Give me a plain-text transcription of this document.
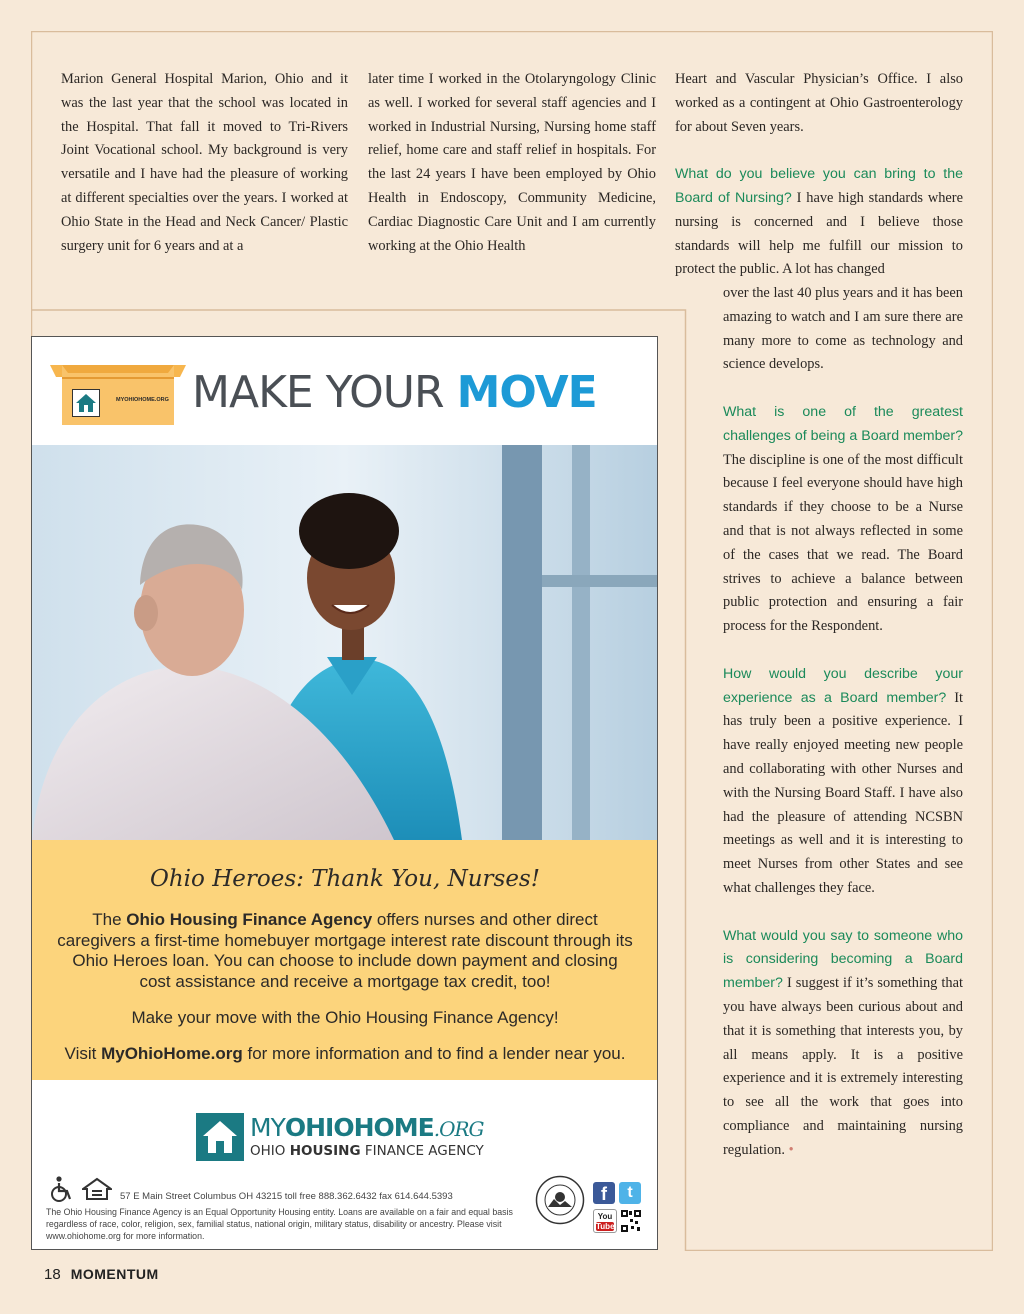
Marion General Hospital Marion, Ohio and it was the last year that the school was located in the Hospital. That fall it moved to Tri-Rivers Joint Vocational school. My background is very versatile and I have had the pleasure of working at different specialties over the years. I worked at Ohio State in the Head and Neck Cancer/ Plastic surgery unit for 6 years and at a

later time I worked in the Otolaryngology Clinic as well. I worked for several staff agencies and I worked in Industrial Nursing, Nursing home staff relief, home care and staff relief in hospitals. For the last 24 years I have been employed by Ohio Health in Endoscopy, Community Medicine, Cardiac Diagnostic Care Unit and I am currently working at the Ohio Health

Heart and Vascular Physician’s Office. I also worked as a contingent at Ohio Gastroenterology for about Seven years.

What do you believe you can bring to the Board of Nursing? I have high standards where nursing is concerned and I believe those standards will help me fulfill our mission to protect the public. A lot has changed

over the last 40 plus years and it has been amazing to watch and I am sure there are many more to come as technology and science develops.

What is one of the greatest challenges of being a Board member? The discipline is one of the most difficult because I feel everyone should have high standards if they choose to be a Nurse and that is not always reflected in some of the cases that we read. The Board strives to achieve a balance between public protection and ensuring a fair process for the Respondent.

How would you describe your experience as a Board member? It has truly been a positive experience. I have really enjoyed meeting new people and collaborating with other Nurses and with the Nursing Board Staff. I have also had the pleasure of attending NCSBN meetings as well and it is interesting to meet Nurses from other States and see what challenges they face.

What would you say to someone who is considering becoming a Board member? I suggest if it’s something that you have always been curious about and that it is something that interests you, by all means apply. It is a positive experience and it is extremely interesting to see all the work that goes into compliance and maintaining nursing regulation. •

MYOHIOHOME.ORG MAKE YOUR MOVE
Ohio Heroes: Thank You, Nurses!
The Ohio Housing Finance Agency offers nurses and other direct caregivers a first-time homebuyer mortgage interest rate discount through its Ohio Heroes loan. You can choose to include down payment and closing cost assistance and receive a mortgage tax credit, too!
Make your move with the Ohio Housing Finance Agency!
Visit MyOhioHome.org for more information and to find a lender near you.
MYOHIOHOME.ORG
OHIO HOUSING FINANCE AGENCY
57 E Main Street Columbus OH 43215 toll free 888.362.6432 fax 614.644.5393
The Ohio Housing Finance Agency is an Equal Opportunity Housing entity. Loans are available on a fair and equal basis regardless of race, color, religion, sex, familial status, national origin, military status, disability or ancestry. Please visit www.ohiohome.org for more information.
f	t
You
Tube
18 MOMENTUM
